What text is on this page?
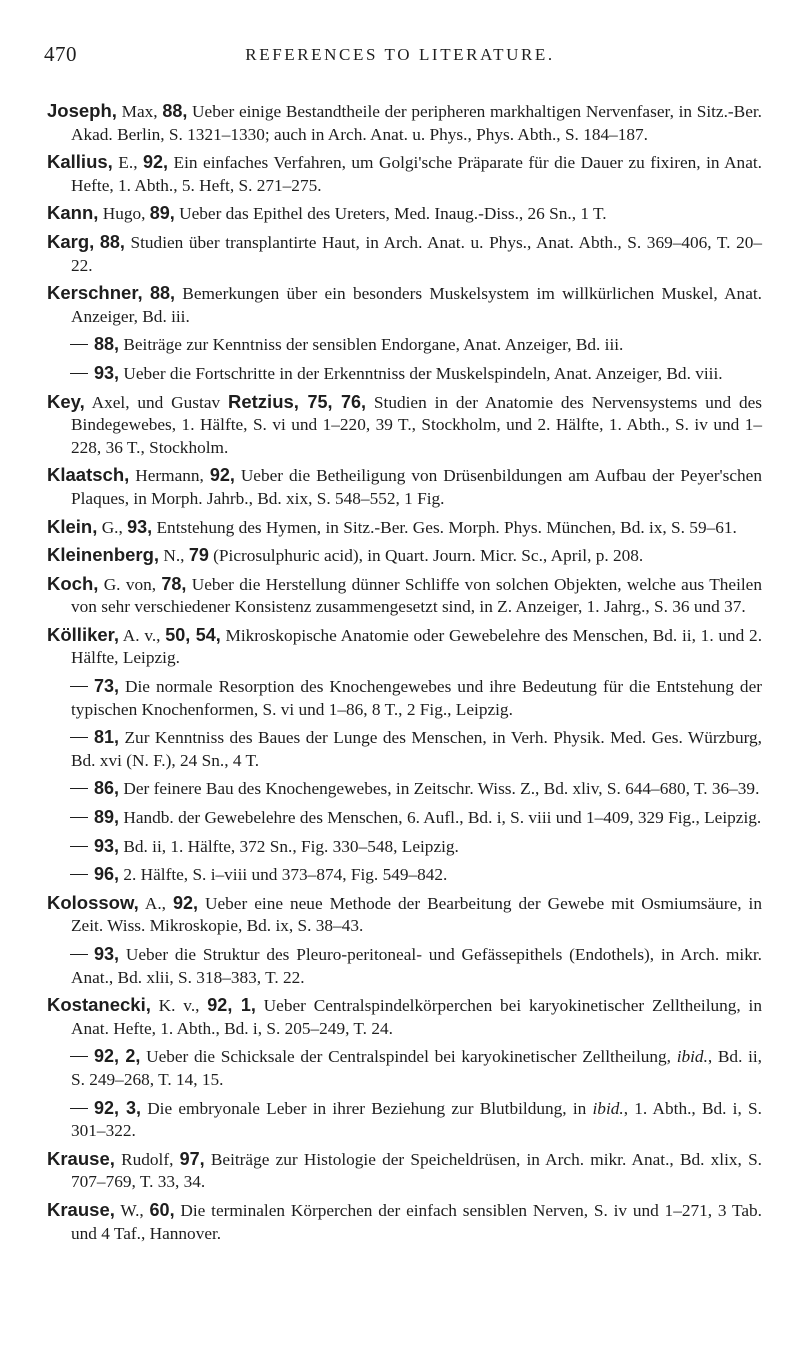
470	REFERENCES TO LITERATURE.

Joseph, Max, 88, Ueber einige Bestandtheile der peripheren markhaltigen Nervenfaser, in Sitz.-Ber. Akad. Berlin, S. 1321–1330; auch in Arch. Anat. u. Phys., Phys. Abth., S. 184–187.

Kallius, E., 92, Ein einfaches Verfahren, um Golgi'sche Präparate für die Dauer zu fixiren, in Anat. Hefte, 1. Abth., 5. Heft, S. 271–275.

Kann, Hugo, 89, Ueber das Epithel des Ureters, Med. Inaug.-Diss., 26 Sn., 1 T.

Karg, 88, Studien über transplantirte Haut, in Arch. Anat. u. Phys., Anat. Abth., S. 369–406, T. 20–22.

Kerschner, 88, Bemerkungen über ein besonders Muskelsystem im willkürlichen Muskel, Anat. Anzeiger, Bd. iii.

88, Beiträge zur Kenntniss der sensiblen Endorgane, Anat. Anzeiger, Bd. iii.

93, Ueber die Fortschritte in der Erkenntniss der Muskelspindeln, Anat. Anzeiger, Bd. viii.

Key, Axel, und Gustav Retzius, 75, 76, Studien in der Anatomie des Nervensystems und des Bindegewebes, 1. Hälfte, S. vi und 1–220, 39 T., Stockholm, und 2. Hälfte, 1. Abth., S. iv und 1–228, 36 T., Stockholm.

Klaatsch, Hermann, 92, Ueber die Betheiligung von Drüsenbildungen am Aufbau der Peyer'schen Plaques, in Morph. Jahrb., Bd. xix, S. 548–552, 1 Fig.

Klein, G., 93, Entstehung des Hymen, in Sitz.-Ber. Ges. Morph. Phys. München, Bd. ix, S. 59–61.

Kleinenberg, N., 79 (Picrosulphuric acid), in Quart. Journ. Micr. Sc., April, p. 208.

Koch, G. von, 78, Ueber die Herstellung dünner Schliffe von solchen Objekten, welche aus Theilen von sehr verschiedener Konsistenz zusammengesetzt sind, in Z. Anzeiger, 1. Jahrg., S. 36 und 37.

Kölliker, A. v., 50, 54, Mikroskopische Anatomie oder Gewebelehre des Menschen, Bd. ii, 1. und 2. Hälfte, Leipzig.

73, Die normale Resorption des Knochengewebes und ihre Bedeutung für die Entstehung der typischen Knochenformen, S. vi und 1–86, 8 T., 2 Fig., Leipzig.

81, Zur Kenntniss des Baues der Lunge des Menschen, in Verh. Physik. Med. Ges. Würzburg, Bd. xvi (N. F.), 24 Sn., 4 T.

86, Der feinere Bau des Knochengewebes, in Zeitschr. Wiss. Z., Bd. xliv, S. 644–680, T. 36–39.

89, Handb. der Gewebelehre des Menschen, 6. Aufl., Bd. i, S. viii und 1–409, 329 Fig., Leipzig.

93, Bd. ii, 1. Hälfte, 372 Sn., Fig. 330–548, Leipzig.

96, 2. Hälfte, S. i–viii und 373–874, Fig. 549–842.

Kolossow, A., 92, Ueber eine neue Methode der Bearbeitung der Gewebe mit Osmiumsäure, in Zeit. Wiss. Mikroskopie, Bd. ix, S. 38–43.

93, Ueber die Struktur des Pleuro-peritoneal- und Gefässepithels (Endothels), in Arch. mikr. Anat., Bd. xlii, S. 318–383, T. 22.

Kostanecki, K. v., 92, 1, Ueber Centralspindelkörperchen bei karyokinetischer Zelltheilung, in Anat. Hefte, 1. Abth., Bd. i, S. 205–249, T. 24.

92, 2, Ueber die Schicksale der Centralspindel bei karyokinetischer Zelltheilung, ibid., Bd. ii, S. 249–268, T. 14, 15.

92, 3, Die embryonale Leber in ihrer Beziehung zur Blutbildung, in ibid., 1. Abth., Bd. i, S. 301–322.

Krause, Rudolf, 97, Beiträge zur Histologie der Speicheldrüsen, in Arch. mikr. Anat., Bd. xlix, S. 707–769, T. 33, 34.

Krause, W., 60, Die terminalen Körperchen der einfach sensiblen Nerven, S. iv und 1–271, 3 Tab. und 4 Taf., Hannover.
